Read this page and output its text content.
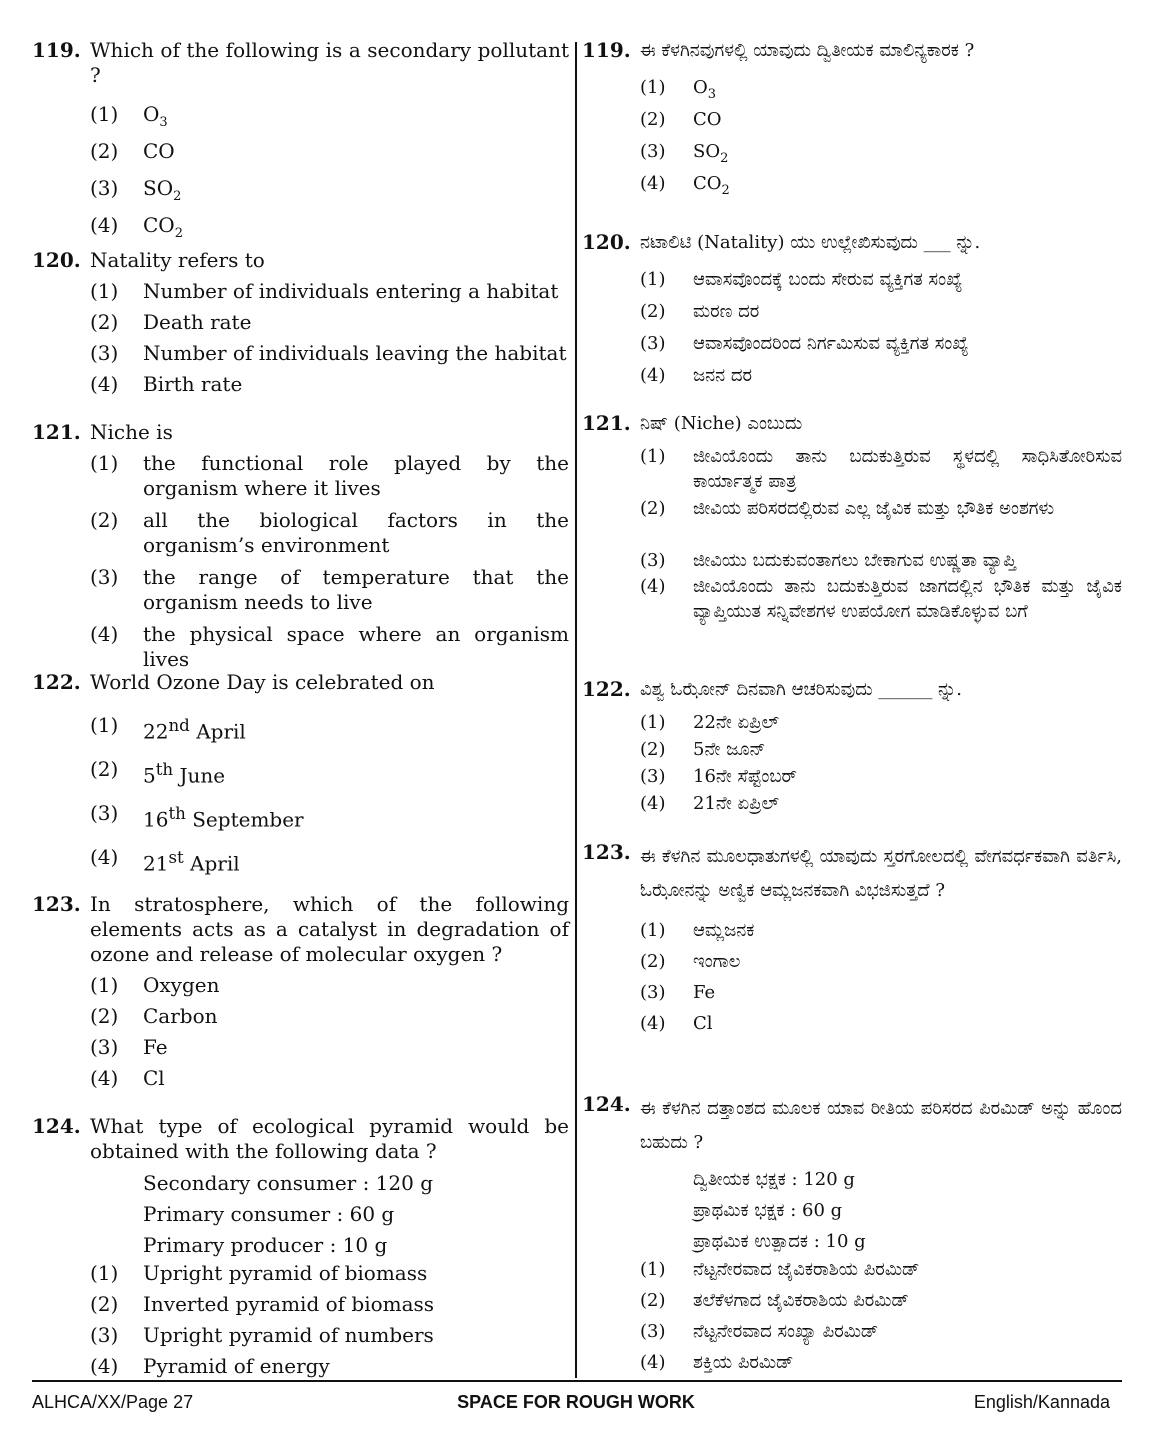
119. Which of the following is a secondary pollutant ?
(1)	$O_3$
(2)	CO
(3)	$SO_2$
(4)	$CO_2$
120. Natality refers to
(1)	Number of individuals entering a habitat
(2)	Death rate
(3)	Number of individuals leaving the habitat
(4)	Birth rate
121. Niche is
(1)	the functional role played by the organism where it lives
(2)	all the biological factors in the organism’s environment
(3)	the range of temperature that the organism needs to live
(4)	the physical space where an organism lives
122. World Ozone Day is celebrated on
(1)	22nd April
(2)	5th June
(3)	16th September
(4)	21st April
123. In stratosphere, which of the following elements acts as a catalyst in degradation of ozone and release of molecular oxygen ?
(1)	Oxygen
(2)	Carbon
(3)	Fe
(4)	Cl
124. What type of ecological pyramid would be obtained with the following data ?
Secondary consumer : 120 g
Primary consumer : 60 g
Primary producer : 10 g
(1)	Upright pyramid of biomass
(2)	Inverted pyramid of biomass
(3)	Upright pyramid of numbers
(4)	Pyramid of energy
119. ಈ ಕೆಳಗಿನವುಗಳಲ್ಲಿ ಯಾವುದು ದ್ವಿತೀಯಕ ಮಾಲಿನ್ಯಕಾರಕ ?
(1)	$O_3$
(2)	CO
(3)	$SO_2$
(4)	$CO_2$
120. ನಟಾಲಿಟಿ (Natality) ಯು ಉಲ್ಲೇಖಿಸುವುದು ___ ನ್ನು.
(1)	ಆವಾಸವೊಂದಕ್ಕೆ ಬಂದು ಸೇರುವ ವ್ಯಕ್ತಿಗತ ಸಂಖ್ಯೆ
(2)	ಮರಣ ದರ
(3)	ಆವಾಸವೊಂದರಿಂದ ನಿರ್ಗಮಿಸುವ ವ್ಯಕ್ತಿಗತ ಸಂಖ್ಯೆ
(4)	ಜನನ ದರ
121. ನಿಷ್ (Niche) ಎಂಬುದು
(1)	ಜೀವಿಯೊಂದು ತಾನು ಬದುಕುತ್ತಿರುವ ಸ್ಥಳದಲ್ಲಿ ಸಾಧಿಸಿತೋರಿಸುವ ಕಾರ್ಯಾತ್ಮಕ ಪಾತ್ರ
(2)	ಜೀವಿಯ ಪರಿಸರದಲ್ಲಿರುವ ಎಲ್ಲ ಜೈವಿಕ ಮತ್ತು ಭೌತಿಕ ಅಂಶಗಳು
(3)	ಜೀವಿಯು ಬದುಕುವಂತಾಗಲು ಬೇಕಾಗುವ ಉಷ್ಣತಾ ವ್ಯಾಪ್ತಿ
(4)	ಜೀವಿಯೊಂದು ತಾನು ಬದುಕುತ್ತಿರುವ ಜಾಗದಲ್ಲಿನ ಭೌತಿಕ ಮತ್ತು ಜೈವಿಕ ವ್ಯಾಪ್ತಿಯುತ ಸನ್ನಿವೇಶಗಳ ಉಪಯೋಗ ಮಾಡಿಕೊಳ್ಳುವ ಬಗೆ
122. ವಿಶ್ವ ಓಝೋನ್ ದಿನವಾಗಿ ಆಚರಿಸುವುದು ______ ನ್ನು.
(1)	22ನೇ ಏಪ್ರಿಲ್
(2)	5ನೇ ಜೂನ್
(3)	16ನೇ ಸೆಪ್ಟೆಂಬರ್
(4)	21ನೇ ಏಪ್ರಿಲ್
123. ಈ ಕೆಳಗಿನ ಮೂಲಧಾತುಗಳಲ್ಲಿ ಯಾವುದು ಸ್ತರಗೋಲದಲ್ಲಿ ವೇಗವರ್ಧಕವಾಗಿ ವರ್ತಿಸಿ, ಓಝೋನನ್ನು ಅಣ್ವಿಕ ಆಮ್ಲಜನಕವಾಗಿ ವಿಭಜಿಸುತ್ತದೆ ?
(1)	ಆಮ್ಲಜನಕ
(2)	ಇಂಗಾಲ
(3)	Fe
(4)	Cl
124. ಈ ಕೆಳಗಿನ ದತ್ತಾಂಶದ ಮೂಲಕ ಯಾವ ರೀತಿಯ ಪರಿಸರದ ಪಿರಮಿಡ್ ಅನ್ನು ಹೊಂದ ಬಹುದು ?
ದ್ವಿತೀಯಕ ಭಕ್ಷಕ : 120 g
ಪ್ರಾಥಮಿಕ ಭಕ್ಷಕ : 60 g
ಪ್ರಾಥಮಿಕ ಉತ್ಪಾದಕ : 10 g
(1)	ನೆಟ್ಟನೇರವಾದ ಜೈವಿಕರಾಶಿಯ ಪಿರಮಿಡ್
(2)	ತಲೆಕೆಳಗಾದ ಜೈವಿಕರಾಶಿಯ ಪಿರಮಿಡ್
(3)	ನೆಟ್ಟನೇರವಾದ ಸಂಖ್ಯಾ ಪಿರಮಿಡ್
(4)	ಶಕ್ತಿಯ ಪಿರಮಿಡ್
ALHCA/XX/Page 27	SPACE FOR ROUGH WORK	English/Kannada
